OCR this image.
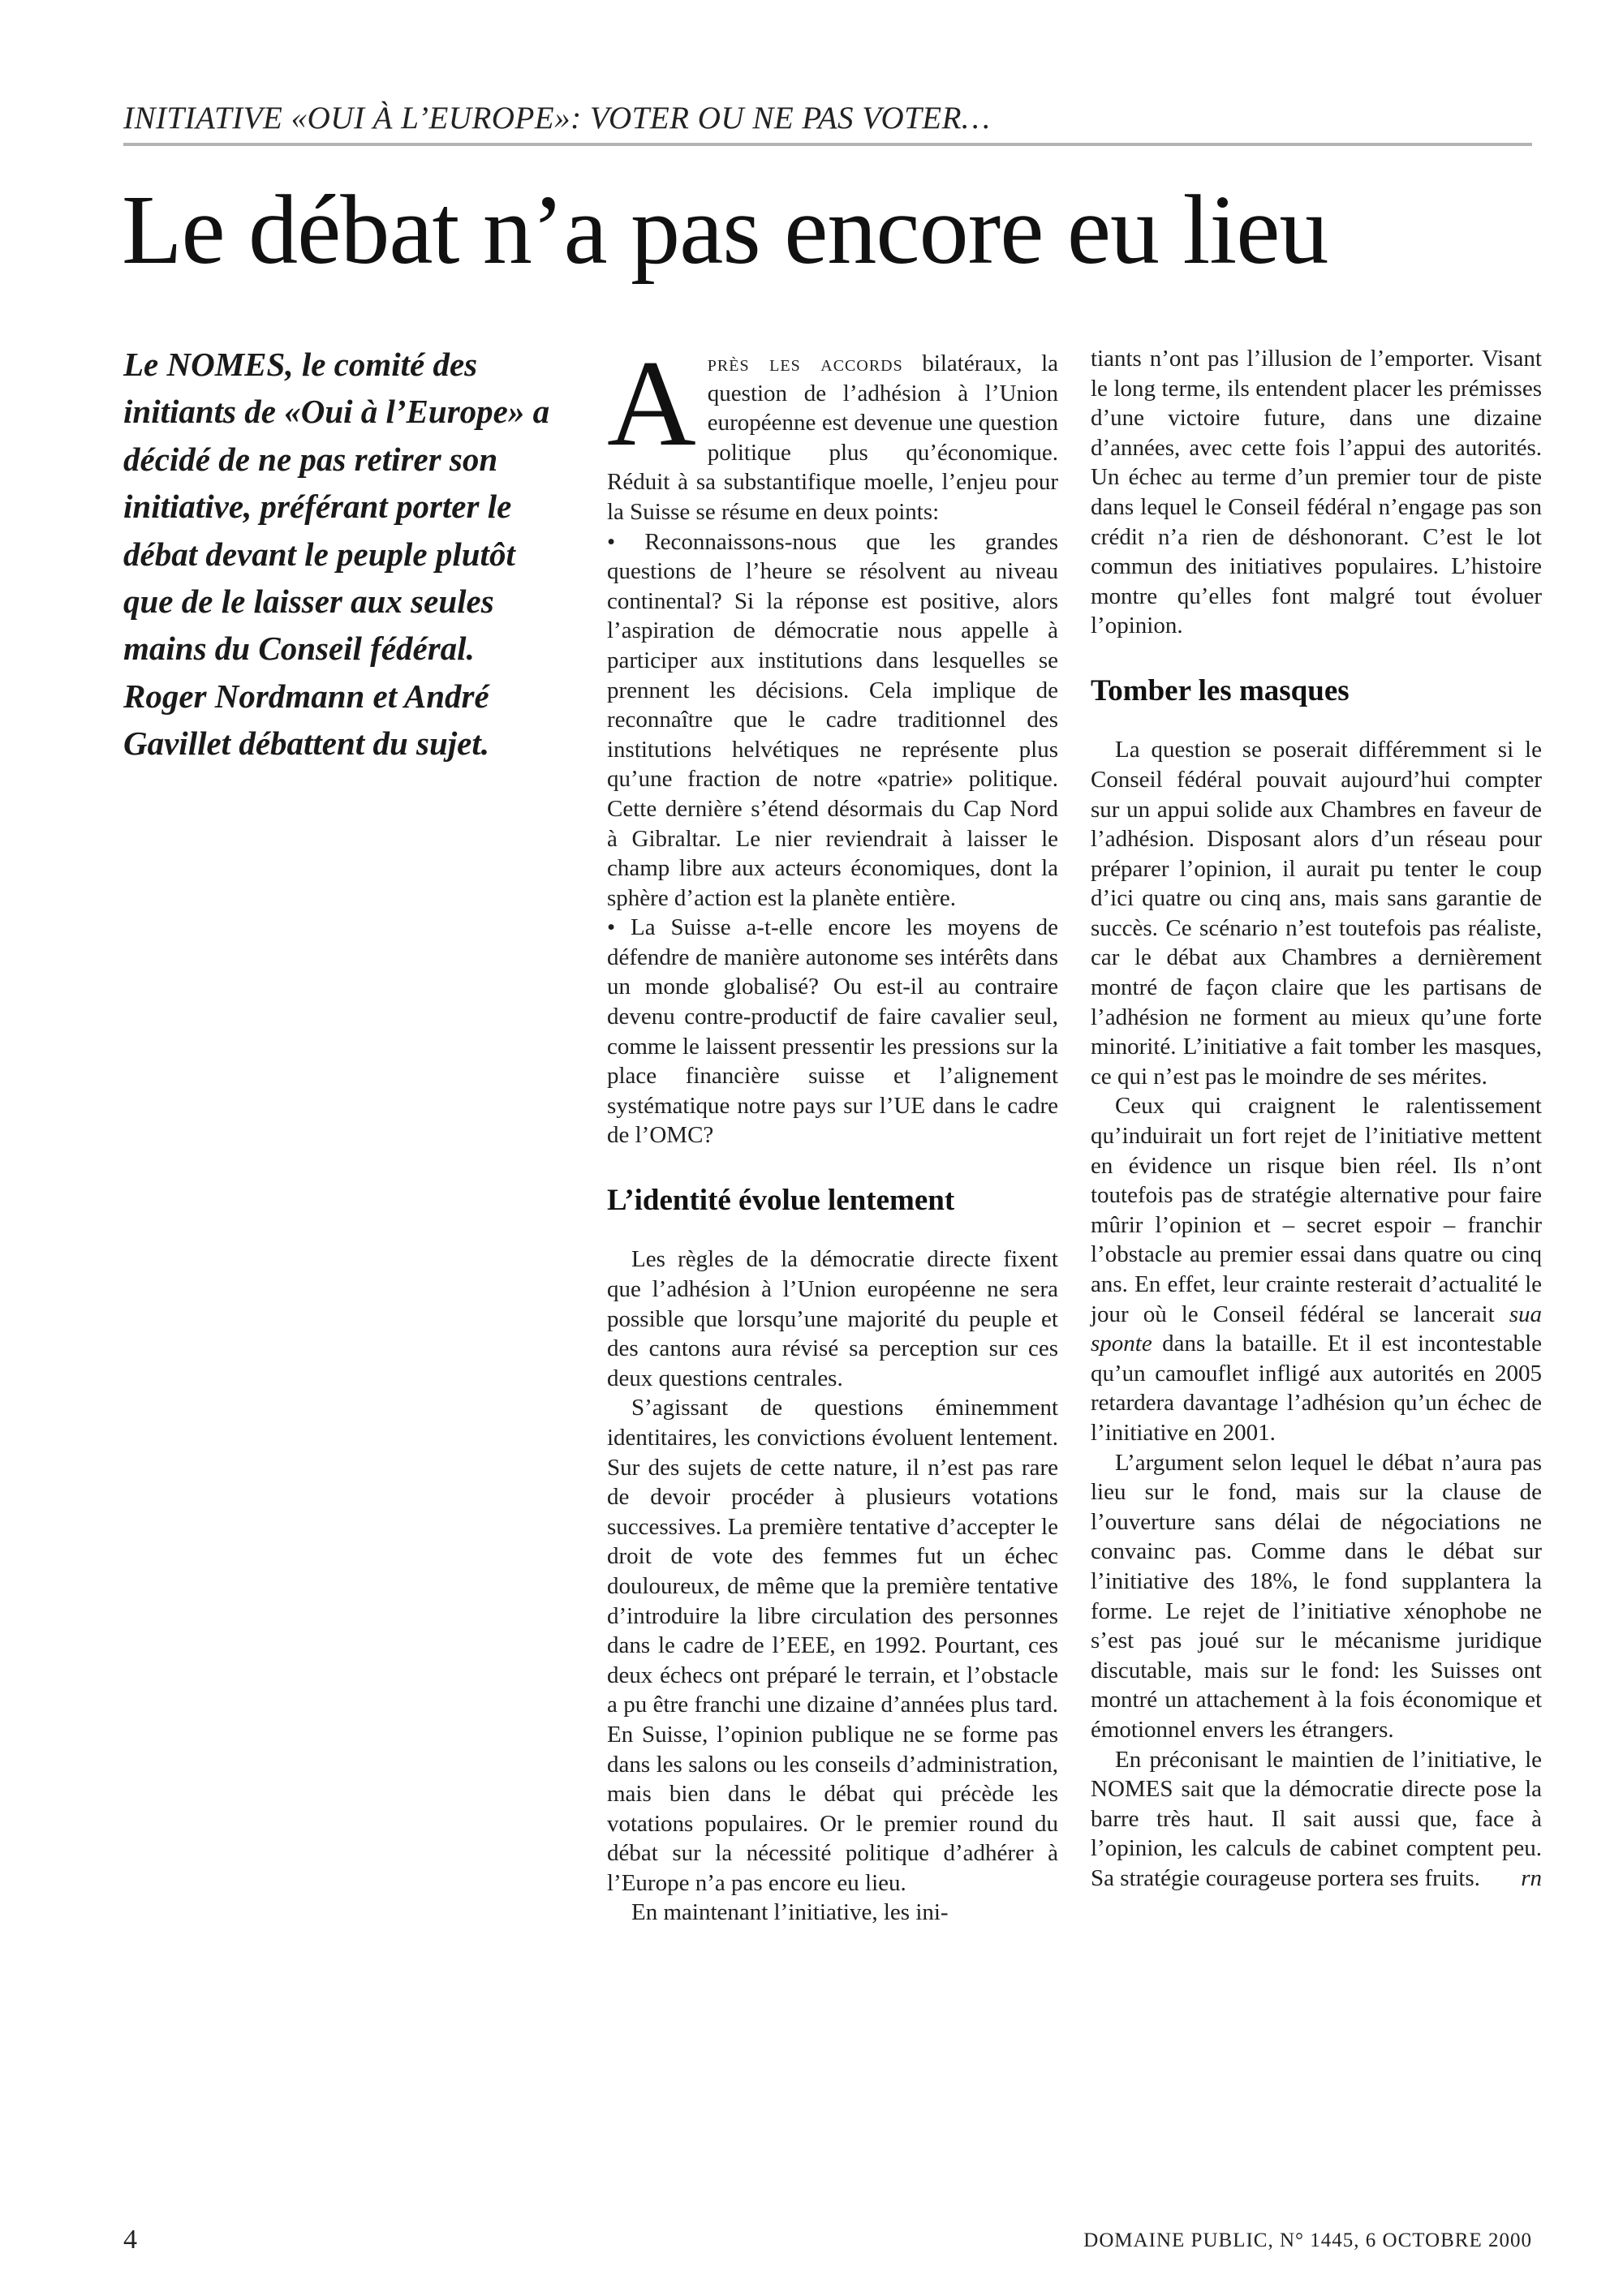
INITIATIVE «OUI À L’EUROPE»: VOTER OU NE PAS VOTER…
Le débat n’a pas encore eu lieu

Le NOMES, le comité des initiants de «Oui à l’Europe» a décidé de ne pas retirer son initiative, préférant porter le débat devant le peuple plutôt que de le laisser aux seules mains du Conseil fédéral.

Roger Nordmann et André Gavillet débattent du sujet.

Après les accords bilatéraux, la question de l’adhésion à l’Union européenne est devenue une question politique plus qu’économique. Réduit à sa substantifique moelle, l’enjeu pour la Suisse se résume en deux points:

• Reconnaissons-nous que les grandes questions de l’heure se résolvent au niveau continental? Si la réponse est positive, alors l’aspiration de démocratie nous appelle à participer aux institutions dans lesquelles se prennent les décisions. Cela implique de reconnaître que le cadre traditionnel des institutions helvétiques ne représente plus qu’une fraction de notre «patrie» politique. Cette dernière s’étend désormais du Cap Nord à Gibraltar. Le nier reviendrait à laisser le champ libre aux acteurs économiques, dont la sphère d’action est la planète entière.

• La Suisse a-t-elle encore les moyens de défendre de manière autonome ses intérêts dans un monde globalisé? Ou est-il au contraire devenu contre-productif de faire cavalier seul, comme le laissent pressentir les pressions sur la place financière suisse et l’alignement systématique notre pays sur l’UE dans le cadre de l’OMC?

L’identité évolue lentement

Les règles de la démocratie directe fixent que l’adhésion à l’Union européenne ne sera possible que lorsqu’une majorité du peuple et des cantons aura révisé sa perception sur ces deux questions centrales.

S’agissant de questions éminemment identitaires, les convictions évoluent lentement. Sur des sujets de cette nature, il n’est pas rare de devoir procéder à plusieurs votations successives. La première tentative d’accepter le droit de vote des femmes fut un échec douloureux, de même que la première tentative d’introduire la libre circulation des personnes dans le cadre de l’EEE, en 1992. Pourtant, ces deux échecs ont préparé le terrain, et l’obstacle a pu être franchi une dizaine d’années plus tard. En Suisse, l’opinion publique ne se forme pas dans les salons ou les conseils d’administration, mais bien dans le débat qui précède les votations populaires. Or le premier round du débat sur la nécessité politique d’adhérer à l’Europe n’a pas encore eu lieu.

En maintenant l’initiative, les ini-

tiants n’ont pas l’illusion de l’emporter. Visant le long terme, ils entendent placer les prémisses d’une victoire future, dans une dizaine d’années, avec cette fois l’appui des autorités. Un échec au terme d’un premier tour de piste dans lequel le Conseil fédéral n’engage pas son crédit n’a rien de déshonorant. C’est le lot commun des initiatives populaires. L’histoire montre qu’elles font malgré tout évoluer l’opinion.

Tomber les masques

La question se poserait différemment si le Conseil fédéral pouvait aujourd’hui compter sur un appui solide aux Chambres en faveur de l’adhésion. Disposant alors d’un réseau pour préparer l’opinion, il aurait pu tenter le coup d’ici quatre ou cinq ans, mais sans garantie de succès. Ce scénario n’est toutefois pas réaliste, car le débat aux Chambres a dernièrement montré de façon claire que les partisans de l’adhésion ne forment au mieux qu’une forte minorité. L’initiative a fait tomber les masques, ce qui n’est pas le moindre de ses mérites.

Ceux qui craignent le ralentissement qu’induirait un fort rejet de l’initiative mettent en évidence un risque bien réel. Ils n’ont toutefois pas de stratégie alternative pour faire mûrir l’opinion et – secret espoir – franchir l’obstacle au premier essai dans quatre ou cinq ans. En effet, leur crainte resterait d’actualité le jour où le Conseil fédéral se lancerait sua sponte dans la bataille. Et il est incontestable qu’un camouflet infligé aux autorités en 2005 retardera davantage l’adhésion qu’un échec de l’initiative en 2001.

L’argument selon lequel le débat n’aura pas lieu sur le fond, mais sur la clause de l’ouverture sans délai de négociations ne convainc pas. Comme dans le débat sur l’initiative des 18%, le fond supplantera la forme. Le rejet de l’initiative xénophobe ne s’est pas joué sur le mécanisme juridique discutable, mais sur le fond: les Suisses ont montré un attachement à la fois économique et émotionnel envers les étrangers.

En préconisant le maintien de l’initiative, le NOMES sait que la démocratie directe pose la barre très haut. Il sait aussi que, face à l’opinion, les calculs de cabinet comptent peu. Sa stratégie courageuse portera ses fruits.	rn

4	DOMAINE PUBLIC, N° 1445, 6 OCTOBRE 2000
